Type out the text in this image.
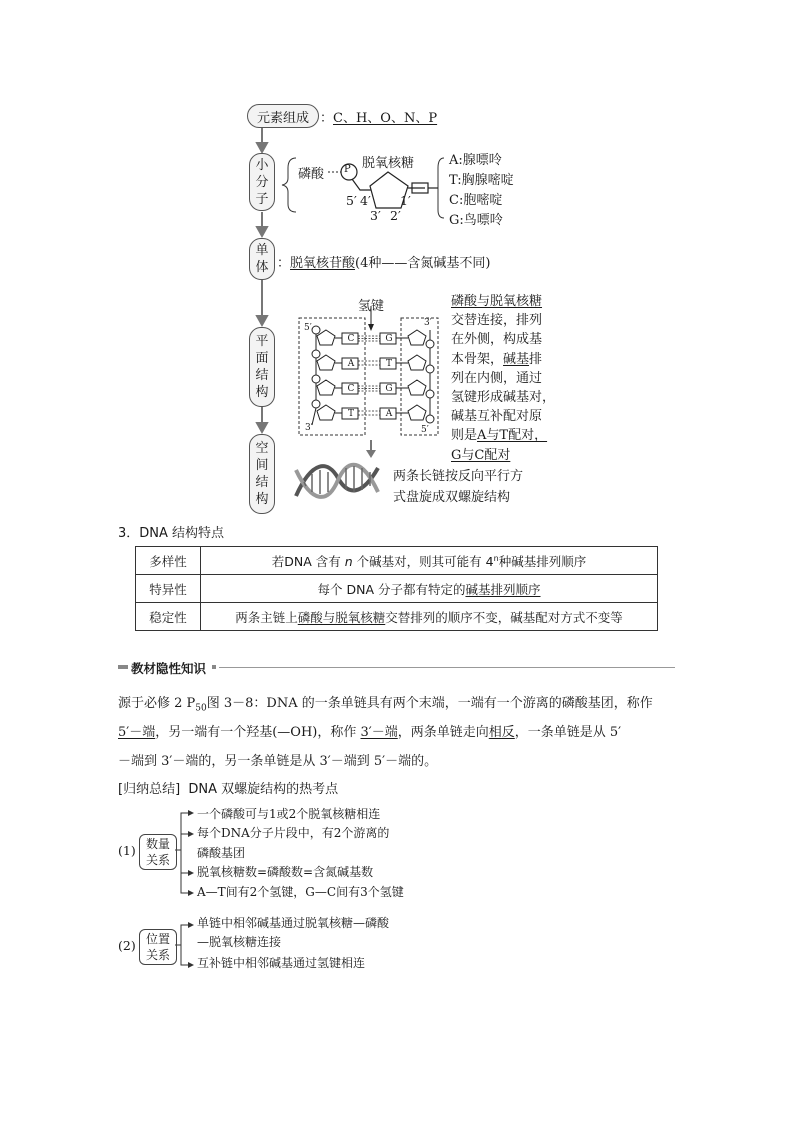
元素组成 ：C、H、O、N、P
小
分
子
磷酸 P 脱氧核糖
5′ 4′
3′ 2′
1′
A:腺嘌呤
T:胸腺嘧啶
C:胞嘧啶
G:鸟嘌呤
单
体 ：脱氧核苷酸(4种——含氮碱基不同)
平
面
结
构
氢键
C
A
C
T
G
T
G
A
5′	3′
3′	5′
磷酸与脱氧核糖
交替连接，排列
在外侧，构成基
本骨架，碱基排
列在内侧，通过
氢键形成碱基对，
碱基互补配对原
则是A与T配对，
G与C配对
空
间
结
构
两条长链按反向平行方
式盘旋成双螺旋结构
3．DNA 结构特点
多样性	若DNA 含有 n 个碱基对，则其可能有 4$^n$种碱基排列顺序
特异性	每个 DNA 分子都有特定的碱基排列顺序
稳定性	两条主链上磷酸与脱氧核糖交替排列的顺序不变，碱基配对方式不变等
教材隐性知识
源于必修 2 $P_{50}$图 3－8：DNA 的一条单链具有两个末端，一端有一个游离的磷酸基团，称作
5′－端，另一端有一个羟基(—OH)，称作 3′－端，两条单链走向相反，一条单链是从 5′
－端到 3′－端的，另一条单链是从 3′－端到 5′－端的。
[归纳总结] DNA 双螺旋结构的热考点
(1) 数量
关系
一个磷酸可与1或2个脱氧核糖相连
每个DNA分子片段中，有2个游离的
磷酸基团
脱氧核糖数=磷酸数=含氮碱基数
A—T间有2个氢键，G—C间有3个氢键
(2) 位置
关系
单链中相邻碱基通过脱氧核糖—磷酸
—脱氧核糖连接
互补链中相邻碱基通过氢键相连
